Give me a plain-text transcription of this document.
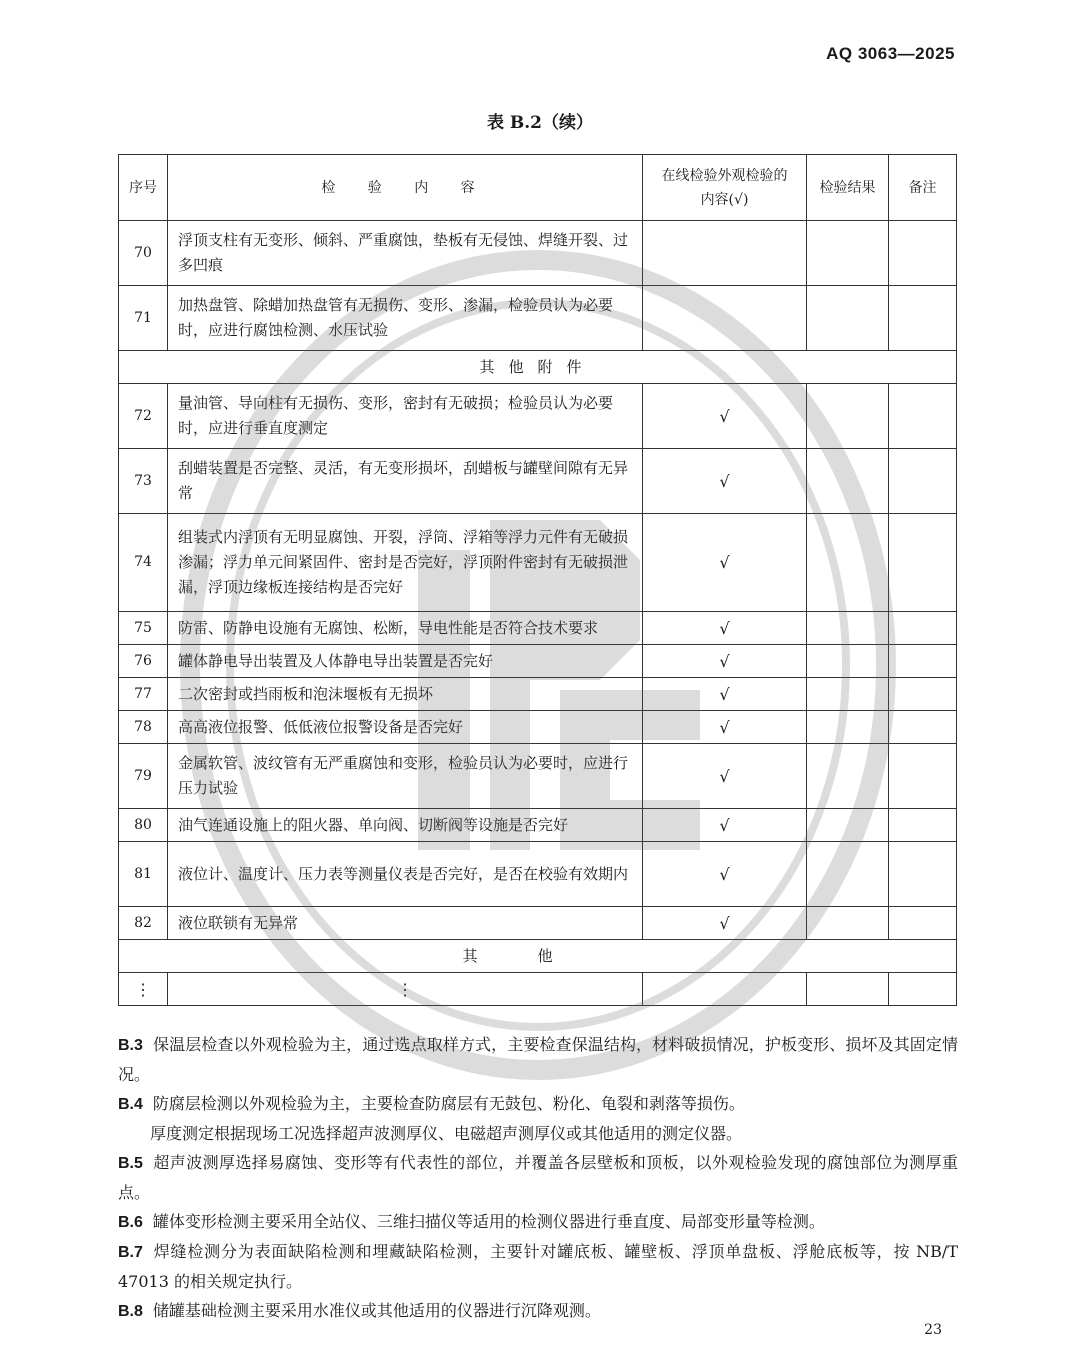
AQ 3063—2025
表 B.2（续）
序号	检 验 内 容	在线检验外观检验的内容(√)	检验结果	备注
70	浮顶支柱有无变形、倾斜、严重腐蚀，垫板有无侵蚀、焊缝开裂、过多凹痕			
71	加热盘管、除蜡加热盘管有无损伤、变形、渗漏，检验员认为必要时，应进行腐蚀检测、水压试验			
其他附件				
72	量油管、导向柱有无损伤、变形，密封有无破损；检验员认为必要时，应进行垂直度测定	√		
73	刮蜡装置是否完整、灵活，有无变形损坏，刮蜡板与罐壁间隙有无异常	√		
74	组装式内浮顶有无明显腐蚀、开裂，浮筒、浮箱等浮力元件有无破损渗漏；浮力单元间紧固件、密封是否完好，浮顶附件密封有无破损泄漏，浮顶边缘板连接结构是否完好	√		
75	防雷、防静电设施有无腐蚀、松断，导电性能是否符合技术要求	√		
76	罐体静电导出装置及人体静电导出装置是否完好	√		
77	二次密封或挡雨板和泡沫堰板有无损坏	√		
78	高高液位报警、低低液位报警设备是否完好	√		
79	金属软管、波纹管有无严重腐蚀和变形，检验员认为必要时，应进行压力试验	√		
80	油气连通设施上的阻火器、单向阀、切断阀等设施是否完好	√		
81	液位计、温度计、压力表等测量仪表是否完好，是否在校验有效期内	√		
82	液位联锁有无异常	√		
其他				
⋮	⋮			
B.3 保温层检查以外观检验为主，通过选点取样方式，主要检查保温结构，材料破损情况，护板变形、损坏及其固定情况。
B.4 防腐层检测以外观检验为主，主要检查防腐层有无鼓包、粉化、龟裂和剥落等损伤。
厚度测定根据现场工况选择超声波测厚仪、电磁超声测厚仪或其他适用的测定仪器。
B.5 超声波测厚选择易腐蚀、变形等有代表性的部位，并覆盖各层壁板和顶板，以外观检验发现的腐蚀部位为测厚重点。
B.6 罐体变形检测主要采用全站仪、三维扫描仪等适用的检测仪器进行垂直度、局部变形量等检测。
B.7 焊缝检测分为表面缺陷检测和埋藏缺陷检测，主要针对罐底板、罐壁板、浮顶单盘板、浮舱底板等，按 NB/T 47013 的相关规定执行。
B.8 储罐基础检测主要采用水准仪或其他适用的仪器进行沉降观测。
23
